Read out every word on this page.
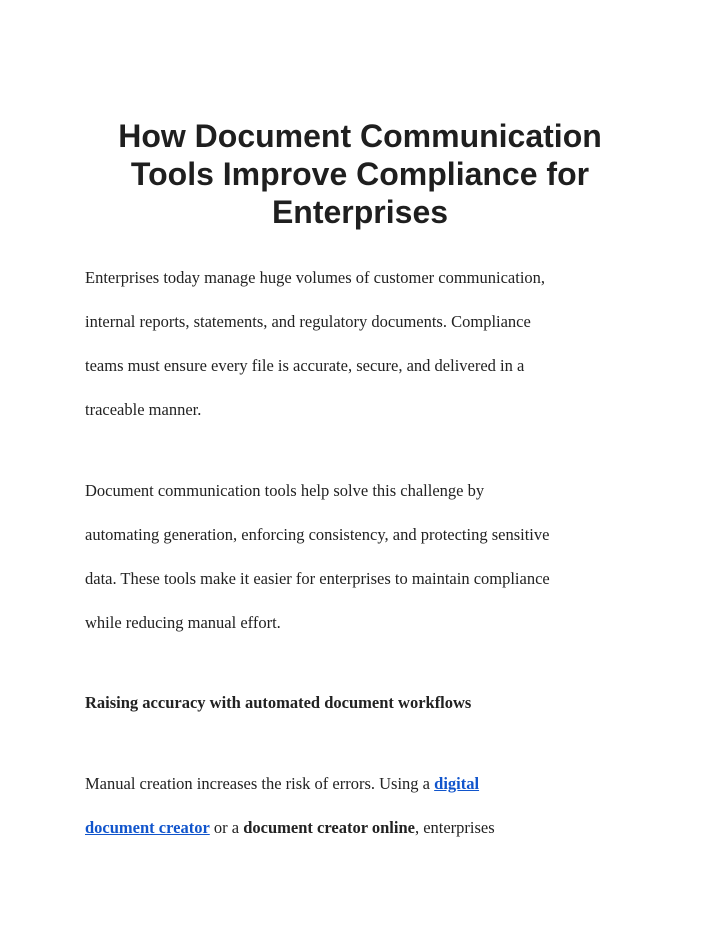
How Document Communication
Tools Improve Compliance for
Enterprises

Enterprises today manage huge volumes of customer communication,
internal reports, statements, and regulatory documents. Compliance
teams must ensure every file is accurate, secure, and delivered in a
traceable manner.

Document communication tools help solve this challenge by
automating generation, enforcing consistency, and protecting sensitive
data. These tools make it easier for enterprises to maintain compliance
while reducing manual effort.

Raising accuracy with automated document workflows

Manual creation increases the risk of errors. Using a digital
document creator or a document creator online, enterprises
